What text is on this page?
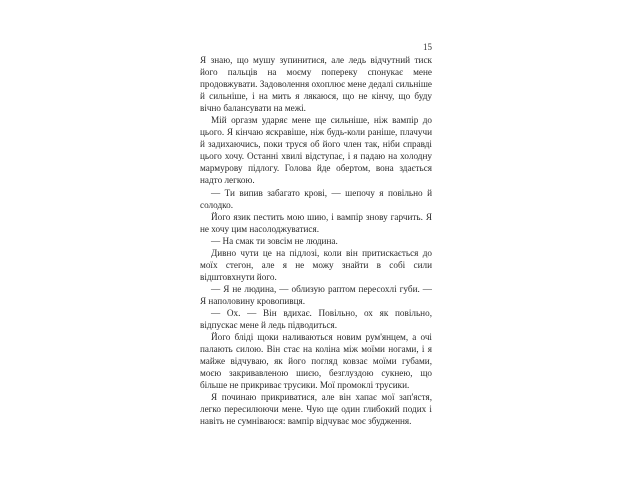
15

Я знаю, що мушу зупинитися, але ледь відчутний тиск його пальців на моєму попереку спонукає мене продовжувати. Задоволення охоплює мене дедалі сильніше й сильніше, і на мить я лякаюся, що не кінчу, що буду вічно балансувати на межі.

Мій оргазм ударяє мене ще сильніше, ніж вампір до цього. Я кінчаю яскравіше, ніж будь-коли раніше, плачучи й задихаючись, поки труся об його член так, ніби справді цього хочу. Останні хвилі відступає, і я падаю на холодну мармурову підлогу. Голова йде обертом, вона здається надто легкою.

— Ти випив забагато крові, — шепочу я повільно й солодко.

Його язик пестить мою шию, і вампір знову гарчить. Я не хочу цим насолоджуватися.

— На смак ти зовсім не людина.

Дивно чути це на підлозі, коли він притискається до моїх стегон, але я не можу знайти в собі сили відштовхнути його.

— Я не людина, — облизую раптом пересохлі губи. — Я наполовину кровопивця.

— Ох. — Він вдихає. Повільно, ох як повільно, відпускає мене й ледь підводиться.

Його бліді щоки наливаються новим рум'янцем, а очі палають силою. Він стає на коліна між моїми ногами, і я майже відчуваю, як його погляд ковзає моїми губами, моєю закривавленою шиєю, безглуздою сукнею, що більше не прикриває трусики. Мої промоклі трусики.

Я починаю прикриватися, але він хапає мої зап'ястя, легко пересилюючи мене. Чую ще один глибокий подих і навіть не сумніваюся: вампір відчуває моє збудження.
